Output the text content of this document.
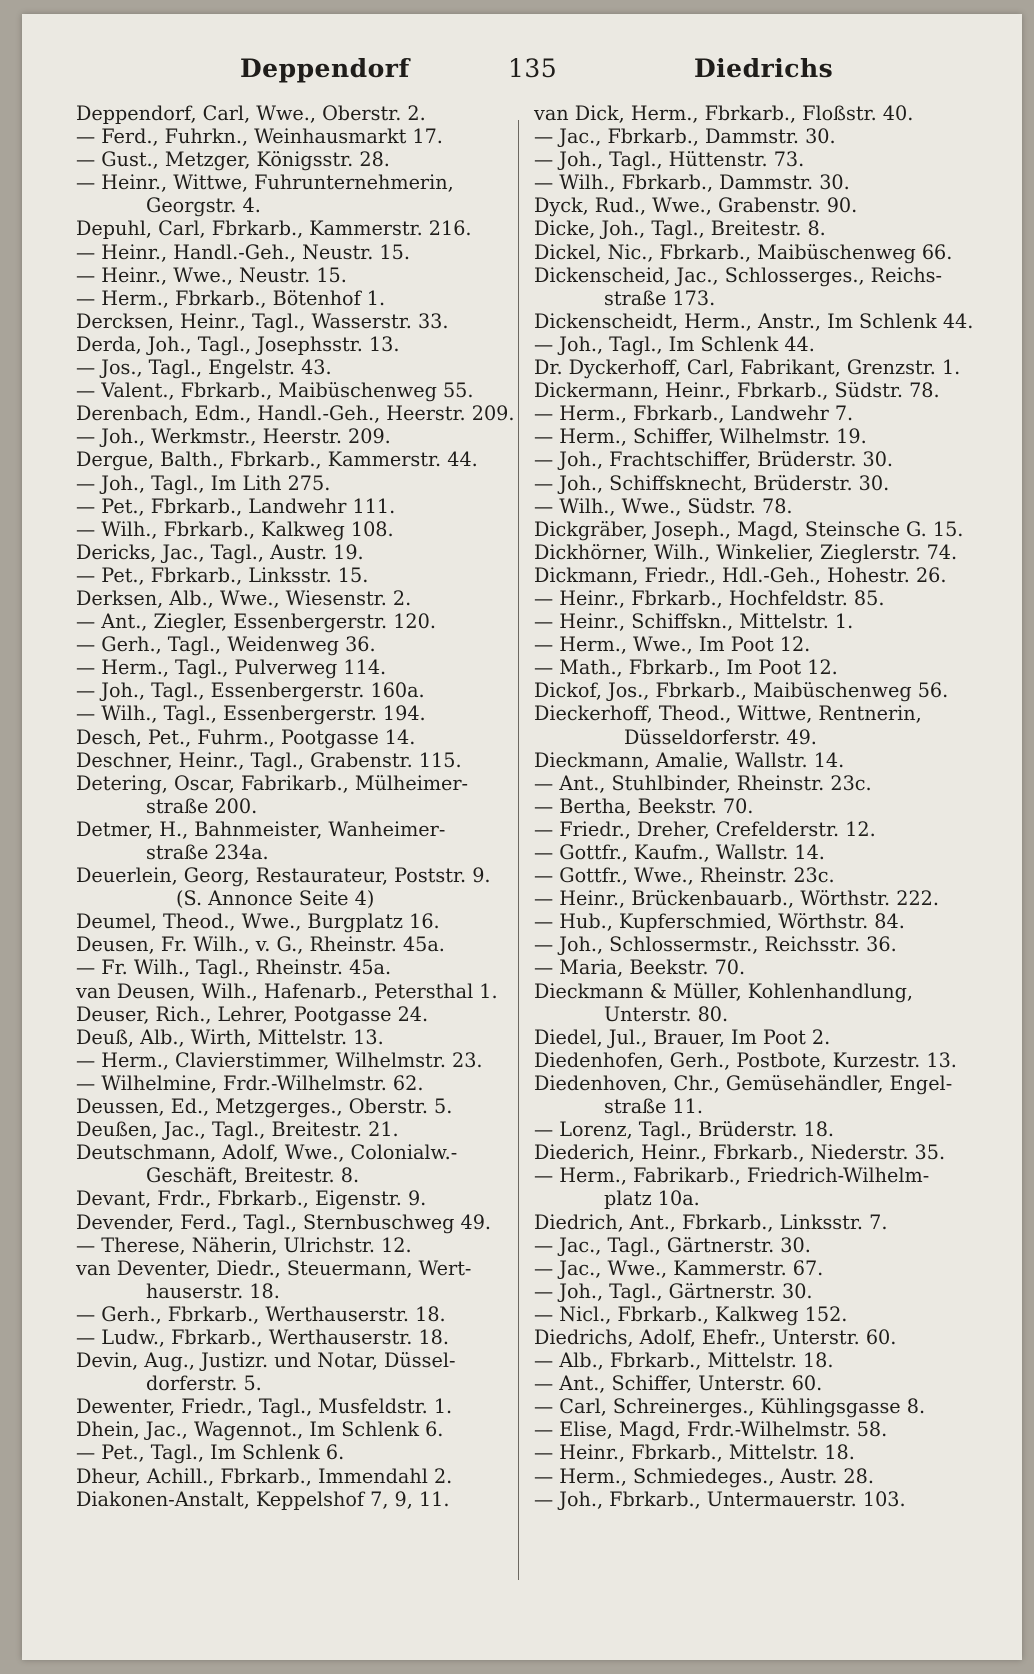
Deppendorf	135	Diedrichs
Deppendorf, Carl, Wwe., Oberstr. 2.
— Ferd., Fuhrkn., Weinhausmarkt 17.
— Gust., Metzger, Königsstr. 28.
— Heinr., Wittwe, Fuhrunternehmerin,
Georgstr. 4.
Depuhl, Carl, Fbrkarb., Kammerstr. 216.
— Heinr., Handl.-Geh., Neustr. 15.
— Heinr., Wwe., Neustr. 15.
— Herm., Fbrkarb., Bötenhof 1.
Dercksen, Heinr., Tagl., Wasserstr. 33.
Derda, Joh., Tagl., Josephsstr. 13.
— Jos., Tagl., Engelstr. 43.
— Valent., Fbrkarb., Maibüschenweg 55.
Derenbach, Edm., Handl.-Geh., Heerstr. 209.
— Joh., Werkmstr., Heerstr. 209.
Dergue, Balth., Fbrkarb., Kammerstr. 44.
— Joh., Tagl., Im Lith 275.
— Pet., Fbrkarb., Landwehr 111.
— Wilh., Fbrkarb., Kalkweg 108.
Dericks, Jac., Tagl., Austr. 19.
— Pet., Fbrkarb., Linksstr. 15.
Derksen, Alb., Wwe., Wiesenstr. 2.
— Ant., Ziegler, Essenbergerstr. 120.
— Gerh., Tagl., Weidenweg 36.
— Herm., Tagl., Pulverweg 114.
— Joh., Tagl., Essenbergerstr. 160a.
— Wilh., Tagl., Essenbergerstr. 194.
Desch, Pet., Fuhrm., Pootgasse 14.
Deschner, Heinr., Tagl., Grabenstr. 115.
Detering, Oscar, Fabrikarb., Mülheimer-
straße 200.
Detmer, H., Bahnmeister, Wanheimer-
straße 234a.
Deuerlein, Georg, Restaurateur, Poststr. 9.
(S. Annonce Seite 4)
Deumel, Theod., Wwe., Burgplatz 16.
Deusen, Fr. Wilh., v. G., Rheinstr. 45a.
— Fr. Wilh., Tagl., Rheinstr. 45a.
van Deusen, Wilh., Hafenarb., Petersthal 1.
Deuser, Rich., Lehrer, Pootgasse 24.
Deuß, Alb., Wirth, Mittelstr. 13.
— Herm., Clavierstimmer, Wilhelmstr. 23.
— Wilhelmine, Frdr.-Wilhelmstr. 62.
Deussen, Ed., Metzgerges., Oberstr. 5.
Deußen, Jac., Tagl., Breitestr. 21.
Deutschmann, Adolf, Wwe., Colonialw.-
Geschäft, Breitestr. 8.
Devant, Frdr., Fbrkarb., Eigenstr. 9.
Devender, Ferd., Tagl., Sternbuschweg 49.
— Therese, Näherin, Ulrichstr. 12.
van Deventer, Diedr., Steuermann, Wert-
hauserstr. 18.
— Gerh., Fbrkarb., Werthauserstr. 18.
— Ludw., Fbrkarb., Werthauserstr. 18.
Devin, Aug., Justizr. und Notar, Düssel-
dorferstr. 5.
Dewenter, Friedr., Tagl., Musfeldstr. 1.
Dhein, Jac., Wagennot., Im Schlenk 6.
— Pet., Tagl., Im Schlenk 6.
Dheur, Achill., Fbrkarb., Immendahl 2.
Diakonen-Anstalt, Keppelshof 7, 9, 11.
van Dick, Herm., Fbrkarb., Floßstr. 40.
— Jac., Fbrkarb., Dammstr. 30.
— Joh., Tagl., Hüttenstr. 73.
— Wilh., Fbrkarb., Dammstr. 30.
Dyck, Rud., Wwe., Grabenstr. 90.
Dicke, Joh., Tagl., Breitestr. 8.
Dickel, Nic., Fbrkarb., Maibüschenweg 66.
Dickenscheid, Jac., Schlosserges., Reichs-
straße 173.
Dickenscheidt, Herm., Anstr., Im Schlenk 44.
— Joh., Tagl., Im Schlenk 44.
Dr. Dyckerhoff, Carl, Fabrikant, Grenzstr. 1.
Dickermann, Heinr., Fbrkarb., Südstr. 78.
— Herm., Fbrkarb., Landwehr 7.
— Herm., Schiffer, Wilhelmstr. 19.
— Joh., Frachtschiffer, Brüderstr. 30.
— Joh., Schiffsknecht, Brüderstr. 30.
— Wilh., Wwe., Südstr. 78.
Dickgräber, Joseph., Magd, Steinsche G. 15.
Dickhörner, Wilh., Winkelier, Zieglerstr. 74.
Dickmann, Friedr., Hdl.-Geh., Hohestr. 26.
— Heinr., Fbrkarb., Hochfeldstr. 85.
— Heinr., Schiffskn., Mittelstr. 1.
— Herm., Wwe., Im Poot 12.
— Math., Fbrkarb., Im Poot 12.
Dickof, Jos., Fbrkarb., Maibüschenweg 56.
Dieckerhoff, Theod., Wittwe, Rentnerin,
Düsseldorferstr. 49.
Dieckmann, Amalie, Wallstr. 14.
— Ant., Stuhlbinder, Rheinstr. 23c.
— Bertha, Beekstr. 70.
— Friedr., Dreher, Crefelderstr. 12.
— Gottfr., Kaufm., Wallstr. 14.
— Gottfr., Wwe., Rheinstr. 23c.
— Heinr., Brückenbauarb., Wörthstr. 222.
— Hub., Kupferschmied, Wörthstr. 84.
— Joh., Schlossermstr., Reichsstr. 36.
— Maria, Beekstr. 70.
Dieckmann & Müller, Kohlenhandlung,
Unterstr. 80.
Diedel, Jul., Brauer, Im Poot 2.
Diedenhofen, Gerh., Postbote, Kurzestr. 13.
Diedenhoven, Chr., Gemüsehändler, Engel-
straße 11.
— Lorenz, Tagl., Brüderstr. 18.
Diederich, Heinr., Fbrkarb., Niederstr. 35.
— Herm., Fabrikarb., Friedrich-Wilhelm-
platz 10a.
Diedrich, Ant., Fbrkarb., Linksstr. 7.
— Jac., Tagl., Gärtnerstr. 30.
— Jac., Wwe., Kammerstr. 67.
— Joh., Tagl., Gärtnerstr. 30.
— Nicl., Fbrkarb., Kalkweg 152.
Diedrichs, Adolf, Ehefr., Unterstr. 60.
— Alb., Fbrkarb., Mittelstr. 18.
— Ant., Schiffer, Unterstr. 60.
— Carl, Schreinerges., Kühlingsgasse 8.
— Elise, Magd, Frdr.-Wilhelmstr. 58.
— Heinr., Fbrkarb., Mittelstr. 18.
— Herm., Schmiedeges., Austr. 28.
— Joh., Fbrkarb., Untermauerstr. 103.
